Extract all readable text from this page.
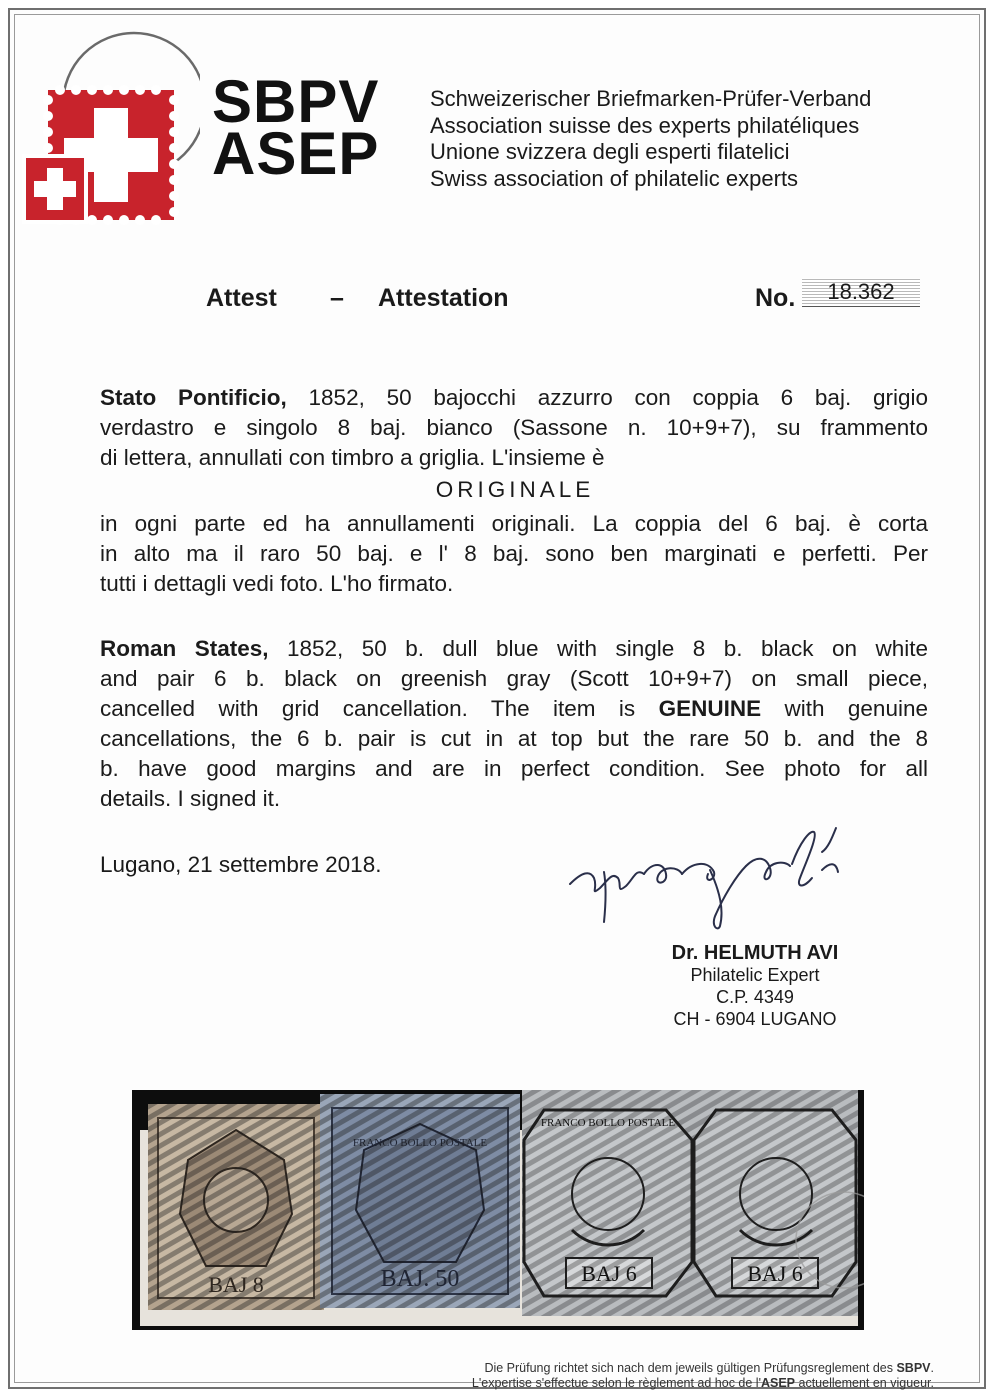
SBPV
ASEP
Schweizerischer Briefmarken-Prüfer-Verband
Association suisse des experts philatéliques
Unione svizzera degli esperti filatelici
Swiss association of philatelic experts
Attest – Attestation	No.	18.362
Stato Pontificio, 1852, 50 bajocchi azzurro con coppia 6 baj. grigio
verdastro e singolo 8 baj. bianco (Sassone n. 10+9+7), su frammento
di lettera, annullati con timbro a griglia. L'insieme è
ORIGINALE
in ogni parte ed ha annullamenti originali. La coppia del 6 baj. è corta
in alto ma il raro 50 baj. e l' 8 baj. sono ben marginati e perfetti. Per
tutti i dettagli vedi foto. L'ho firmato.
Roman States, 1852, 50 b. dull blue with single 8 b. black on white
and pair 6 b. black on greenish gray (Scott 10+9+7) on small piece,
cancelled with grid cancellation. The item is GENUINE with genuine
cancellations, the 6 b. pair is cut in at top but the rare 50 b. and the 8
b. have good margins and are in perfect condition. See photo for all
details. I signed it.
Lugano, 21 settembre 2018.
Dr. HELMUTH AVI
Philatelic Expert
C.P. 4349
CH - 6904 LUGANO
BAJ 8	BAJ. 50
Die Prüfung richtet sich nach dem jeweils gültigen Prüfungsreglement des SBPV.
L'expertise s'effectue selon le règlement ad hoc de l'ASEP actuellement en vigueur.
